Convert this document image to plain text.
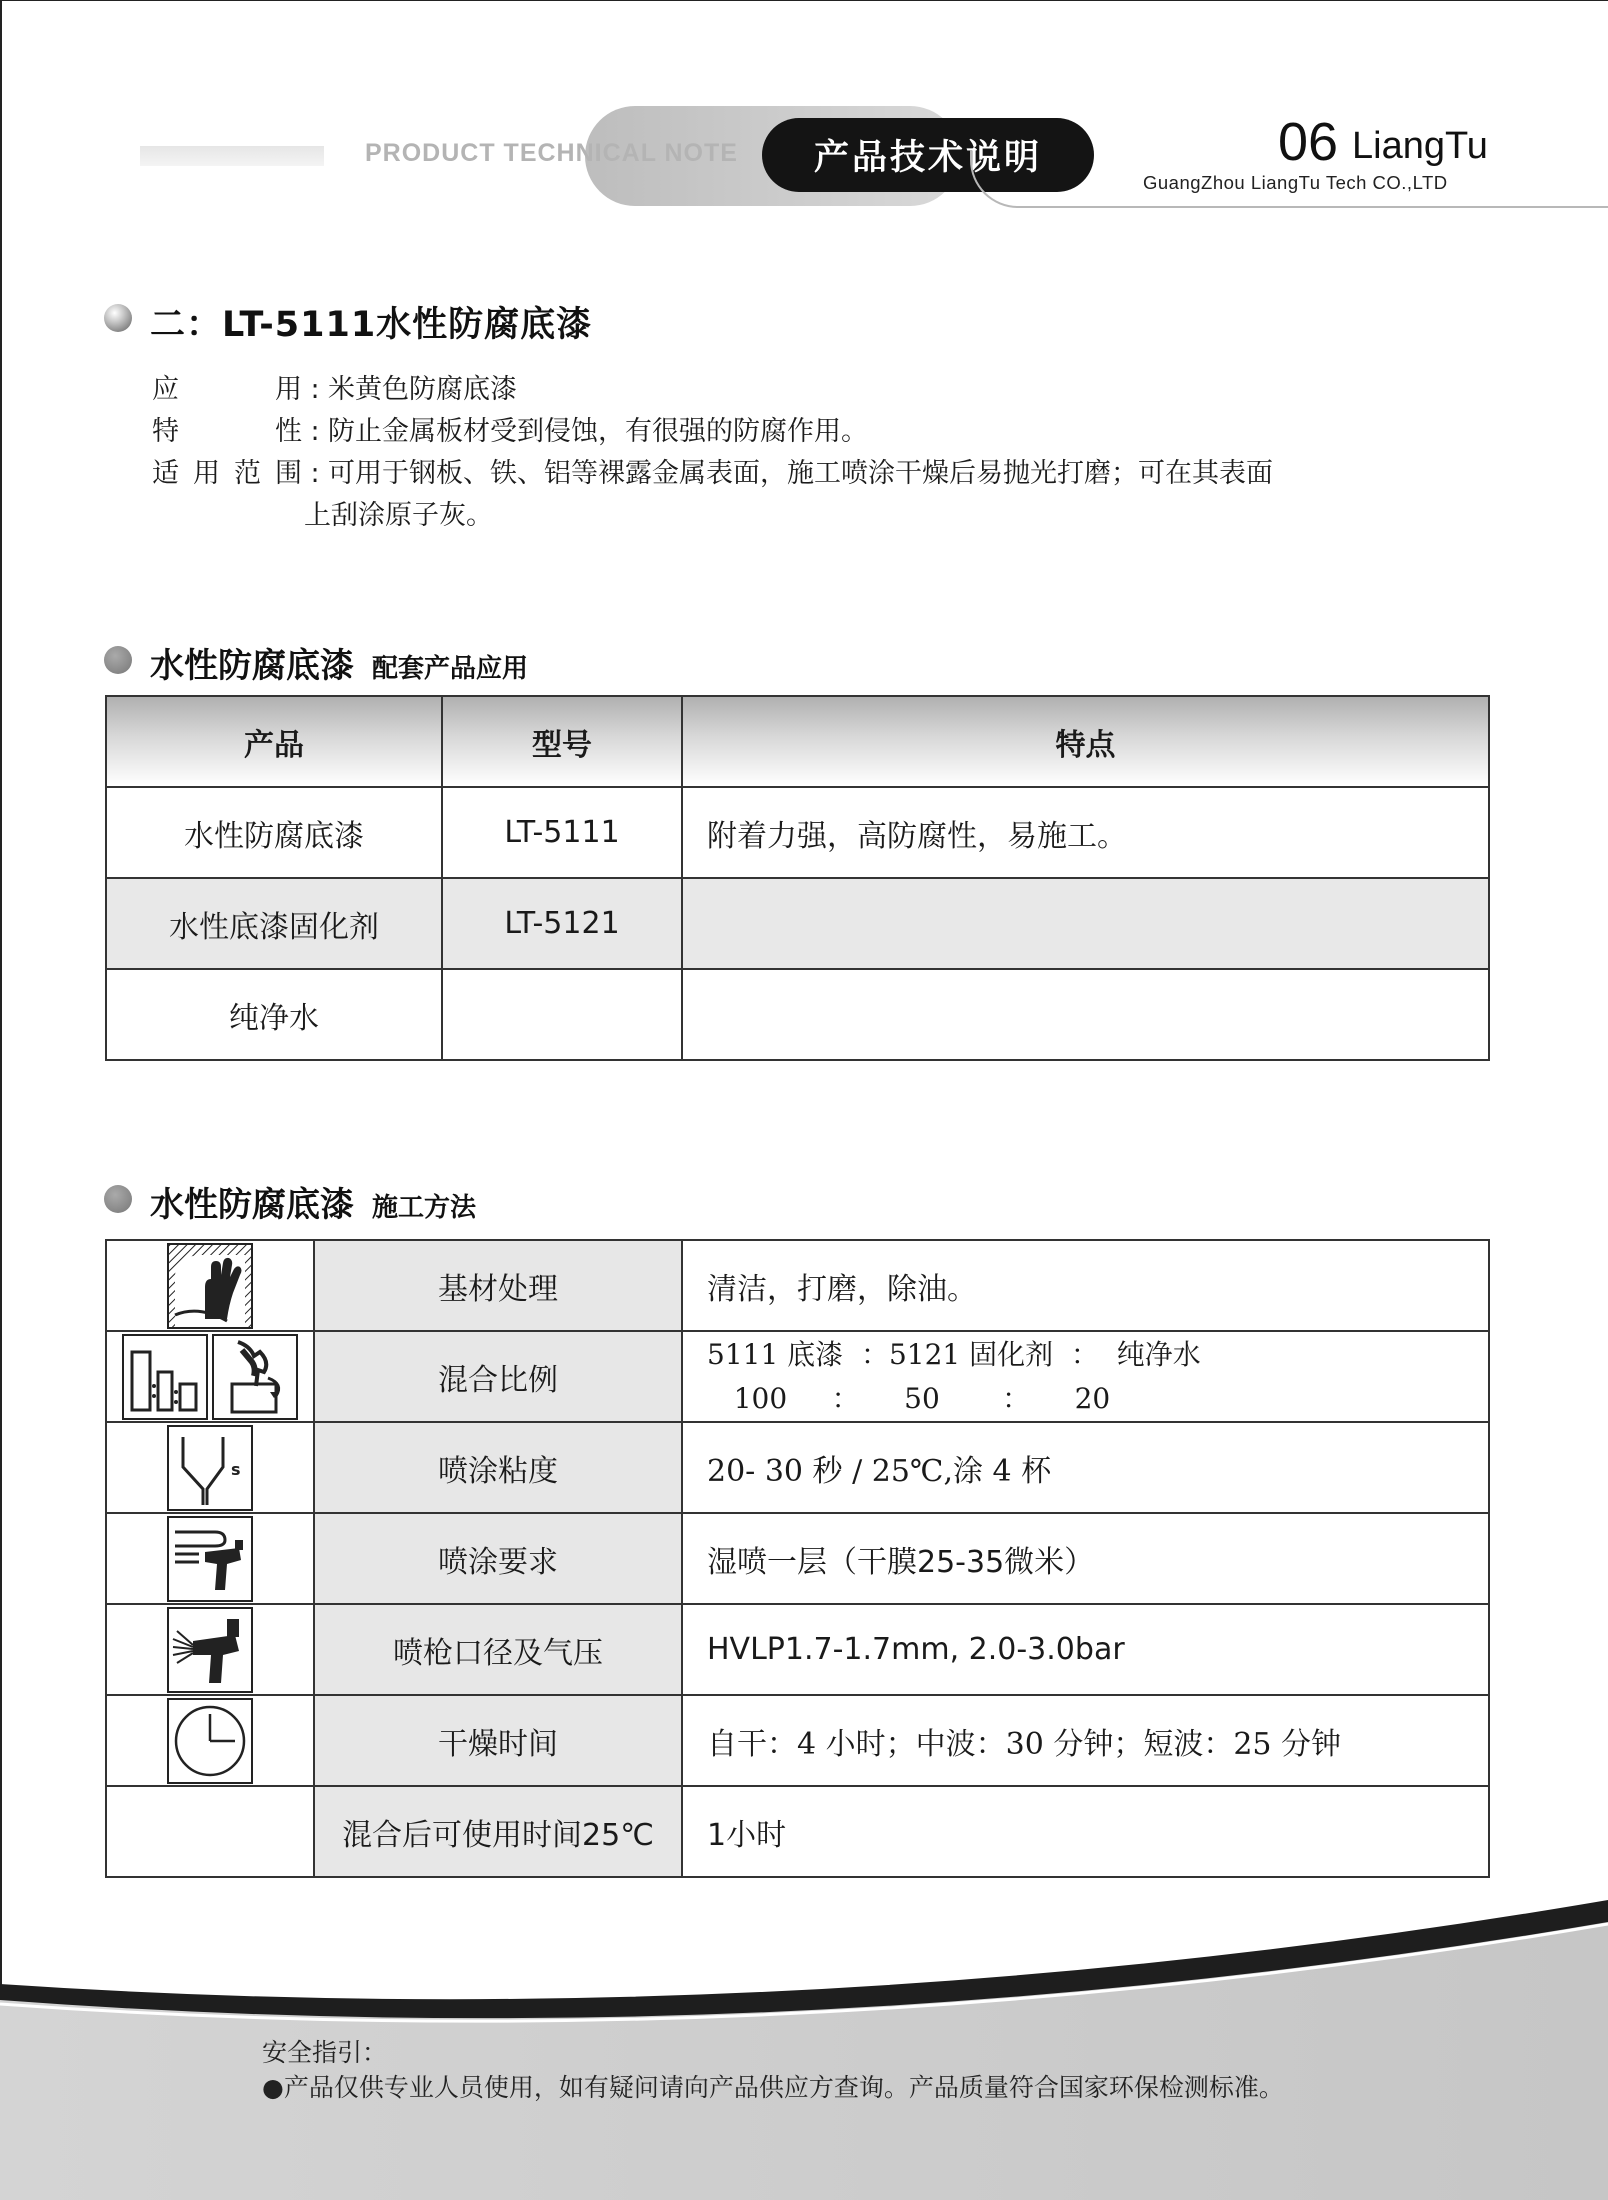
PRODUCT TECHNICAL NOTE	产品技术说明	06 LiangTu
GuangZhou LiangTu Tech CO.,LTD
二：LT-5111水性防腐底漆
应用 : 米黄色防腐底漆
特性 : 防止金属板材受到侵蚀，有很强的防腐作用。
适用范围 : 可用于钢板、铁、铝等裸露金属表面，施工喷涂干燥后易抛光打磨；可在其表面
上刮涂原子灰。
水性防腐底漆 配套产品应用
产品	型号	特点
水性防腐底漆	LT-5111	附着力强，高防腐性，易施工。
水性底漆固化剂	LT-5121	
纯净水		
水性防腐底漆 施工方法
	基材处理	清洁，打磨，除油。
	混合比例	5111 底漆  ：5121 固化剂  ：  纯净水
100     ：     50       ：     20

s	喷涂粘度	20- 30 秒 / 25℃,涂 4 杯
	喷涂要求	湿喷一层（干膜25-35微米）
	喷枪口径及气压	HVLP1.7-1.7mm, 2.0-3.0bar
	干燥时间	自干：4 小时；中波：30 分钟；短波：25 分钟
	混合后可使用时间25℃	1小时
安全指引：
●产品仅供专业人员使用，如有疑问请向产品供应方查询。产品质量符合国家环保检测标准。
